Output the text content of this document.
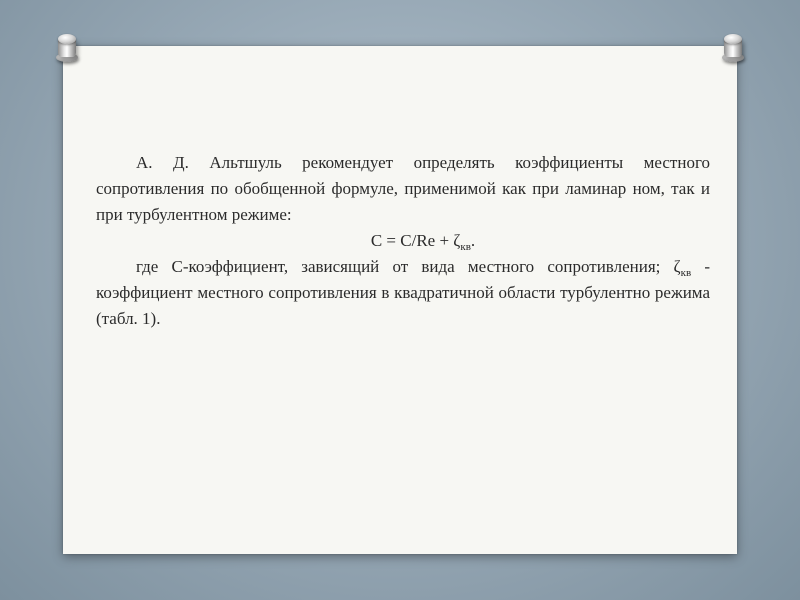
А. Д. Альтшуль рекомендует определять коэффициенты местного сопротивления по обобщенной формуле, применимой как при ламинар ном, так и при турбулентном режиме:

$С = C/Re + \zeta_{кв}$.

где С-коэффициент, зависящий от вида местного сопротивления; $\zeta_{кв}$ - коэффициент местного сопротивления в квадратичной области турбулентно режима (табл. 1).
